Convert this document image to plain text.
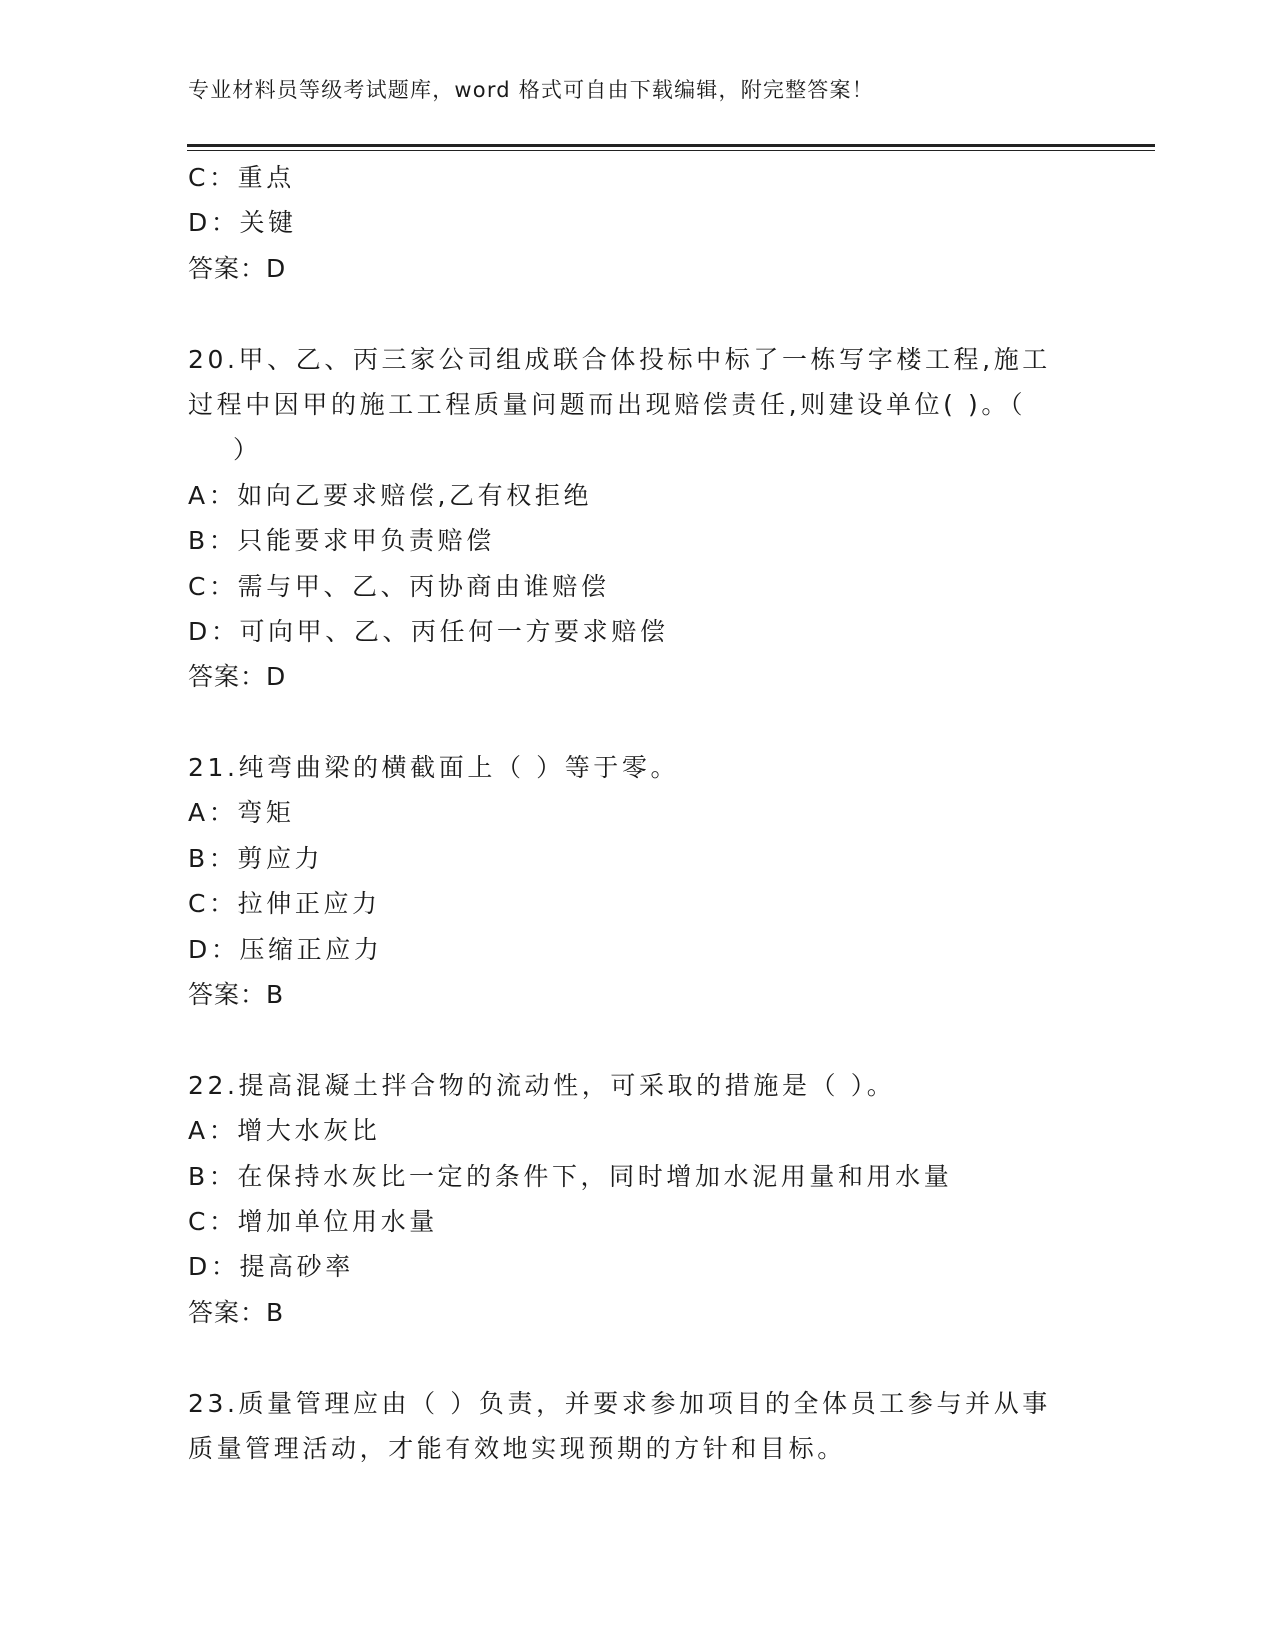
专业材料员等级考试题库，word 格式可自由下载编辑，附完整答案！
C：重点
D：关键
答案：D
20.甲、乙、丙三家公司组成联合体投标中标了一栋写字楼工程,施工
过程中因甲的施工工程质量问题而出现赔偿责任,则建设单位( )。（
）
A：如向乙要求赔偿,乙有权拒绝
B：只能要求甲负责赔偿
C：需与甲、乙、丙协商由谁赔偿
D：可向甲、乙、丙任何一方要求赔偿
答案：D
21.纯弯曲梁的横截面上（ ）等于零。
A：弯矩
B：剪应力
C：拉伸正应力
D：压缩正应力
答案：B
22.提高混凝土拌合物的流动性，可采取的措施是（ ）。
A：增大水灰比
B：在保持水灰比一定的条件下，同时增加水泥用量和用水量
C：增加单位用水量
D：提高砂率
答案：B
23.质量管理应由（ ）负责，并要求参加项目的全体员工参与并从事
质量管理活动，才能有效地实现预期的方针和目标。
